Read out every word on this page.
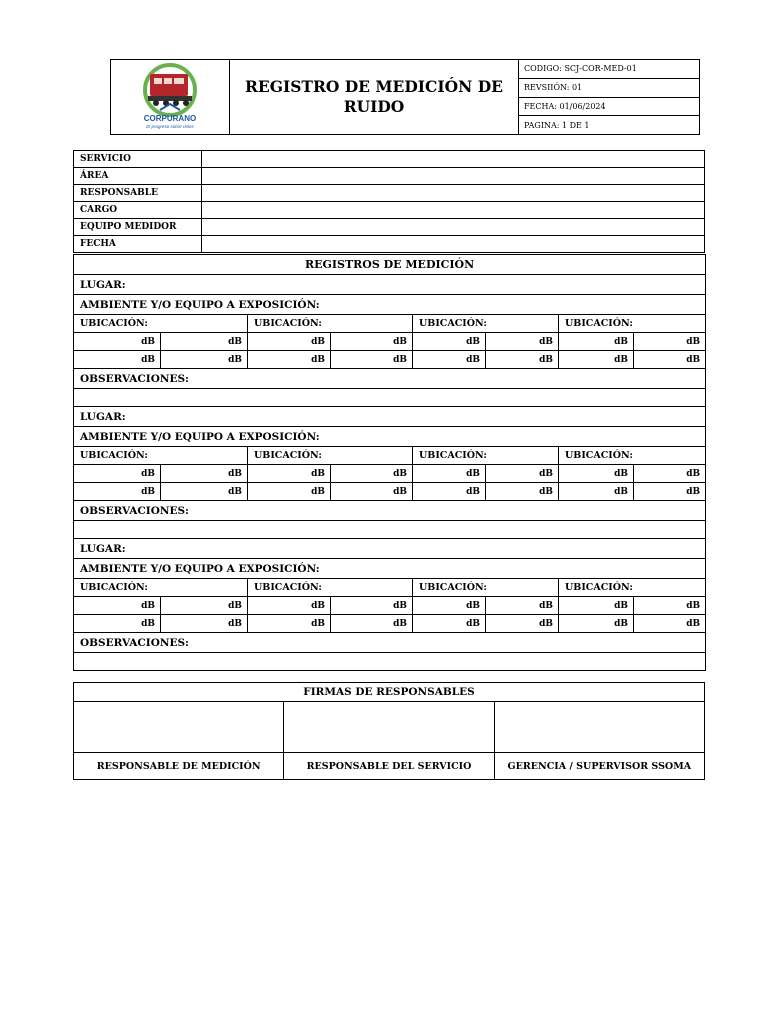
CORPURANO
El progreso sobre rieles
	REGISTRO DE MEDICIÓN DE RUIDO	CODIGO: SCJ-COR-MED-01
REVSIIÓN: 01
FECHA: 01/06/2024
PAGINA: 1 DE 1
SERVICIO	
ÁREA	
RESPONSABLE	
CARGO	
EQUIPO MEDIDOR	
FECHA	
REGISTROS DE MEDICIÓN							
LUGAR:							
AMBIENTE Y/O EQUIPO A EXPOSICIÓN:							
UBICACIÓN:		UBICACIÓN:		UBICACIÓN:		UBICACIÓN:	
dB	dB	dB	dB	dB	dB	dB	dB
dB	dB	dB	dB	dB	dB	dB	dB
OBSERVACIONES:							

LUGAR:							
AMBIENTE Y/O EQUIPO A EXPOSICIÓN:							
UBICACIÓN:		UBICACIÓN:		UBICACIÓN:		UBICACIÓN:	
dB	dB	dB	dB	dB	dB	dB	dB
dB	dB	dB	dB	dB	dB	dB	dB
OBSERVACIONES:							

LUGAR:							
AMBIENTE Y/O EQUIPO A EXPOSICIÓN:							
UBICACIÓN:		UBICACIÓN:		UBICACIÓN:		UBICACIÓN:	
dB	dB	dB	dB	dB	dB	dB	dB
dB	dB	dB	dB	dB	dB	dB	dB
OBSERVACIONES:							

FIRMAS DE RESPONSABLES		

RESPONSABLE DE MEDICIÓN	RESPONSABLE DEL SERVICIO	GERENCIA / SUPERVISOR SSOMA
